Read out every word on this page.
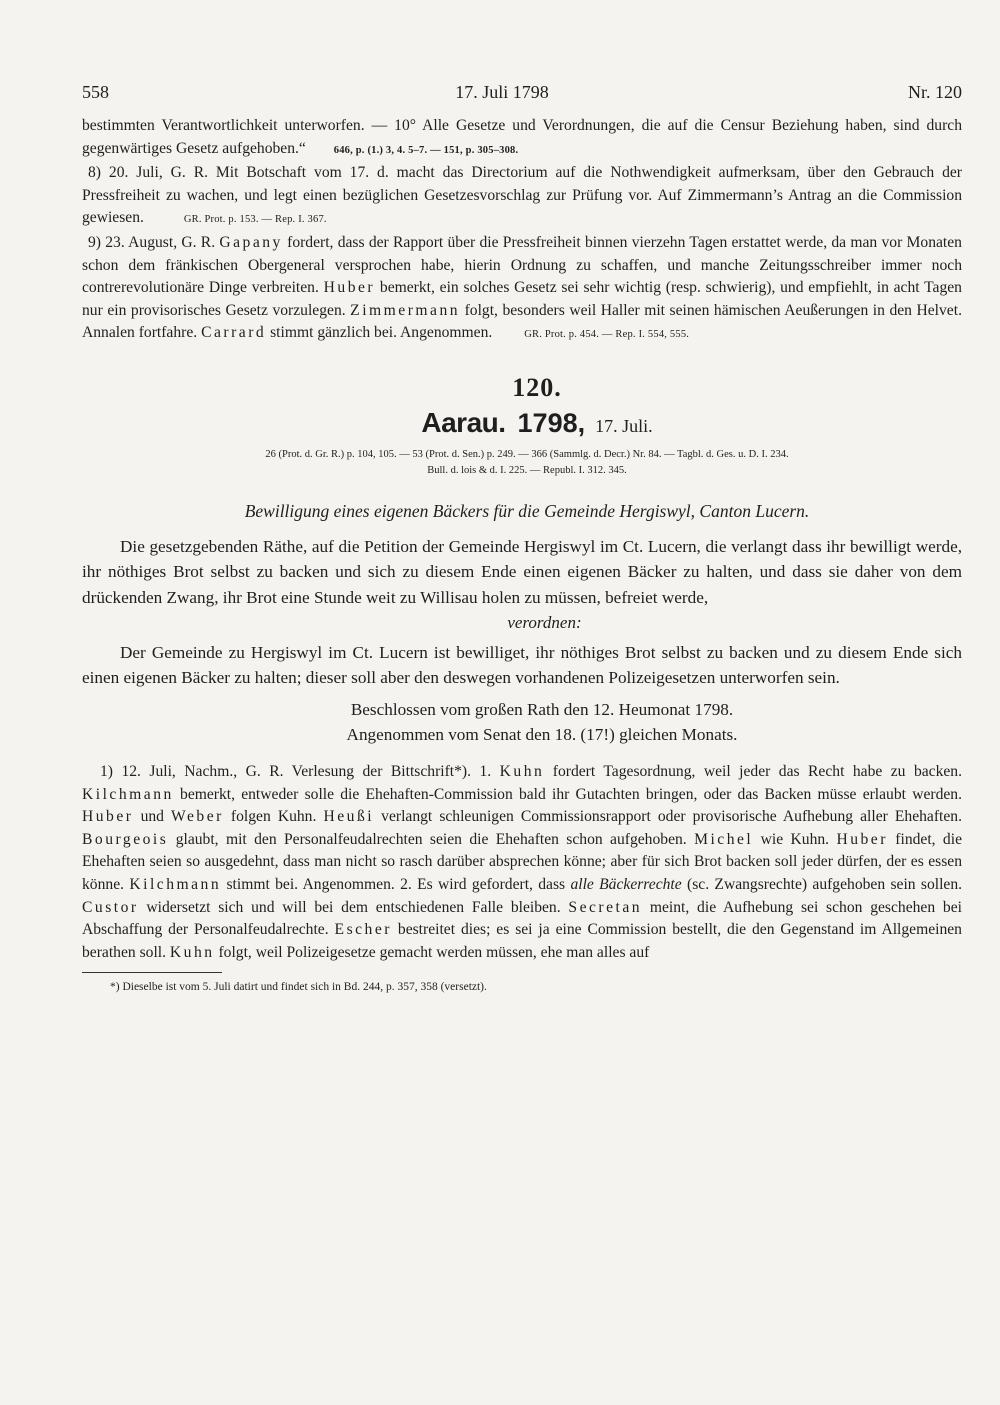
558	17. Juli 1798	Nr. 120

bestimmten Verantwortlichkeit unterworfen. — 10° Alle Gesetze und Verordnungen, die auf die Censur Beziehung haben, sind durch gegenwärtiges Gesetz aufgehoben.“	646, p. (1.) 3, 4. 5–7. — 151, p. 305–308.

8) 20. Juli, G. R. Mit Botschaft vom 17. d. macht das Directorium auf die Nothwendigkeit aufmerksam, über den Gebrauch der Pressfreiheit zu wachen, und legt einen bezüglichen Gesetzesvorschlag zur Prüfung vor. Auf Zimmermann’s Antrag an die Commission gewiesen.	GR. Prot. p. 153. — Rep. I. 367.

9) 23. August, G. R. Gapany fordert, dass der Rapport über die Pressfreiheit binnen vierzehn Tagen erstattet werde, da man vor Monaten schon dem fränkischen Obergeneral versprochen habe, hierin Ordnung zu schaffen, und manche Zeitungsschreiber immer noch contrerevolutionäre Dinge verbreiten. Huber bemerkt, ein solches Gesetz sei sehr wichtig (resp. schwierig), und empfiehlt, in acht Tagen nur ein provisorisches Gesetz vorzulegen. Zimmermann folgt, besonders weil Haller mit seinen hämischen Aeußerungen in den Helvet. Annalen fortfahre. Carrard stimmt gänzlich bei. Angenommen.	GR. Prot. p. 454. — Rep. I. 554, 555.

120.
Aarau. 1798, 17. Juli.
26 (Prot. d. Gr. R.) p. 104, 105. — 53 (Prot. d. Sen.) p. 249. — 366 (Sammlg. d. Decr.) Nr. 84. — Tagbl. d. Ges. u. D. I. 234.
Bull. d. lois & d. I. 225. — Republ. I. 312. 345.
Bewilligung eines eigenen Bäckers für die Gemeinde Hergiswyl, Canton Lucern.

Die gesetzgebenden Räthe, auf die Petition der Gemeinde Hergiswyl im Ct. Lucern, die verlangt dass ihr bewilligt werde, ihr nöthiges Brot selbst zu backen und sich zu diesem Ende einen eigenen Bäcker zu halten, und dass sie daher von dem drückenden Zwang, ihr Brot eine Stunde weit zu Willisau holen zu müssen, befreiet werde,

verordnen:

Der Gemeinde zu Hergiswyl im Ct. Lucern ist bewilliget, ihr nöthiges Brot selbst zu backen und zu diesem Ende sich einen eigenen Bäcker zu halten; dieser soll aber den deswegen vorhandenen Polizeigesetzen unterworfen sein.

Beschlossen vom großen Rath den 12. Heumonat 1798.
Angenommen vom Senat den 18. (17!) gleichen Monats.

1) 12. Juli, Nachm., G. R. Verlesung der Bittschrift*). 1. Kuhn fordert Tagesordnung, weil jeder das Recht habe zu backen. Kilchmann bemerkt, entweder solle die Ehehaften-Commission bald ihr Gutachten bringen, oder das Backen müsse erlaubt werden. Huber und Weber folgen Kuhn. Heußi verlangt schleunigen Commissionsrapport oder provisorische Aufhebung aller Ehehaften. Bourgeois glaubt, mit den Personalfeudalrechten seien die Ehehaften schon aufgehoben. Michel wie Kuhn. Huber findet, die Ehehaften seien so ausgedehnt, dass man nicht so rasch darüber absprechen könne; aber für sich Brot backen soll jeder dürfen, der es essen könne. Kilchmann stimmt bei. Angenommen. 2. Es wird gefordert, dass alle Bäckerrechte (sc. Zwangsrechte) aufgehoben sein sollen. Custor widersetzt sich und will bei dem entschiedenen Falle bleiben. Secretan meint, die Aufhebung sei schon geschehen bei Abschaffung der Personalfeudalrechte. Escher bestreitet dies; es sei ja eine Commission bestellt, die den Gegenstand im Allgemeinen berathen soll. Kuhn folgt, weil Polizeigesetze gemacht werden müssen, ehe man alles auf

*) Dieselbe ist vom 5. Juli datirt und findet sich in Bd. 244, p. 357, 358 (versetzt).
